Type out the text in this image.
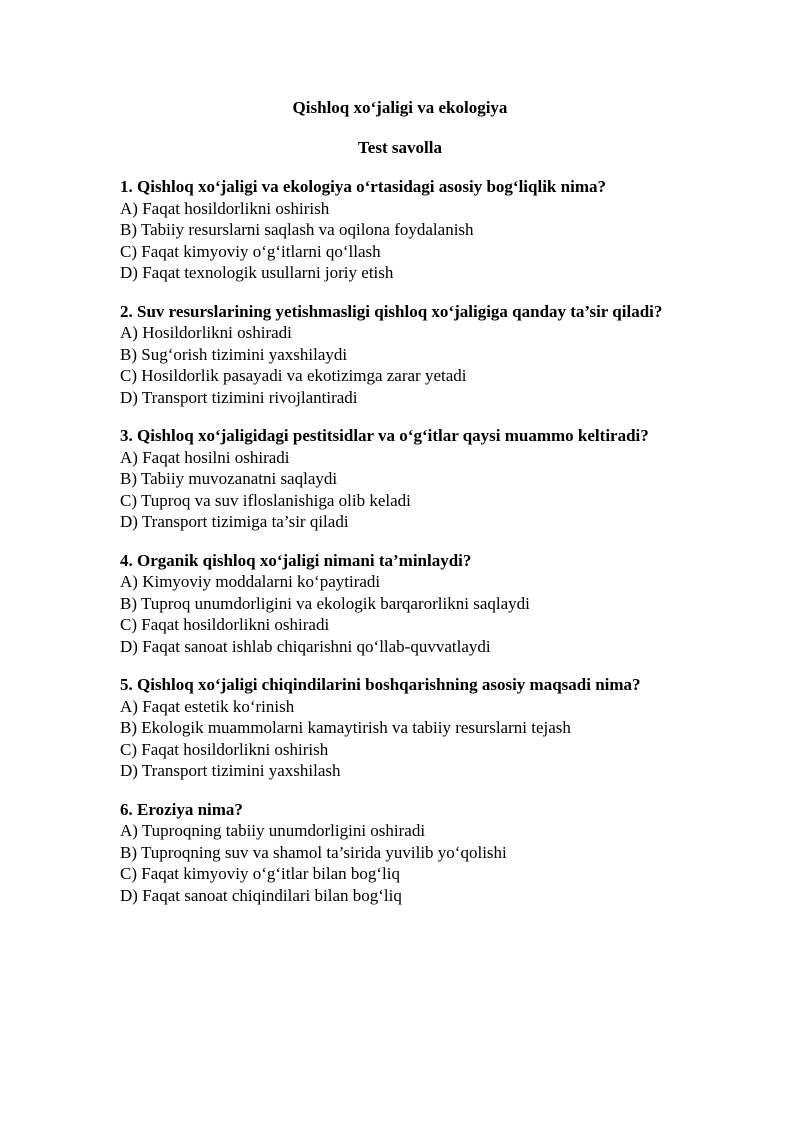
Qishloq xo‘jaligi va ekologiya
Test savolla
1. Qishloq xo‘jaligi va ekologiya o‘rtasidagi asosiy bog‘liqlik nima?
A) Faqat hosildorlikni oshirish
B) Tabiiy resurslarni saqlash va oqilona foydalanish
C) Faqat kimyoviy o‘g‘itlarni qo‘llash
D) Faqat texnologik usullarni joriy etish
2. Suv resurslarining yetishmasligi qishloq xo‘jaligiga qanday ta’sir qiladi?
A) Hosildorlikni oshiradi
B) Sug‘orish tizimini yaxshilaydi
C) Hosildorlik pasayadi va ekotizimga zarar yetadi
D) Transport tizimini rivojlantiradi
3. Qishloq xo‘jaligidagi pestitsidlar va o‘g‘itlar qaysi muammo keltiradi?
A) Faqat hosilni oshiradi
B) Tabiiy muvozanatni saqlaydi
C) Tuproq va suv ifloslanishiga olib keladi
D) Transport tizimiga ta’sir qiladi
4. Organik qishloq xo‘jaligi nimani ta’minlaydi?
A) Kimyoviy moddalarni ko‘paytiradi
B) Tuproq unumdorligini va ekologik barqarorlikni saqlaydi
C) Faqat hosildorlikni oshiradi
D) Faqat sanoat ishlab chiqarishni qo‘llab-quvvatlaydi
5. Qishloq xo‘jaligi chiqindilarini boshqarishning asosiy maqsadi nima?
A) Faqat estetik ko‘rinish
B) Ekologik muammolarni kamaytirish va tabiiy resurslarni tejash
C) Faqat hosildorlikni oshirish
D) Transport tizimini yaxshilash
6. Eroziya nima?
A) Tuproqning tabiiy unumdorligini oshiradi
B) Tuproqning suv va shamol ta’sirida yuvilib yo‘qolishi
C) Faqat kimyoviy o‘g‘itlar bilan bog‘liq
D) Faqat sanoat chiqindilari bilan bog‘liq
